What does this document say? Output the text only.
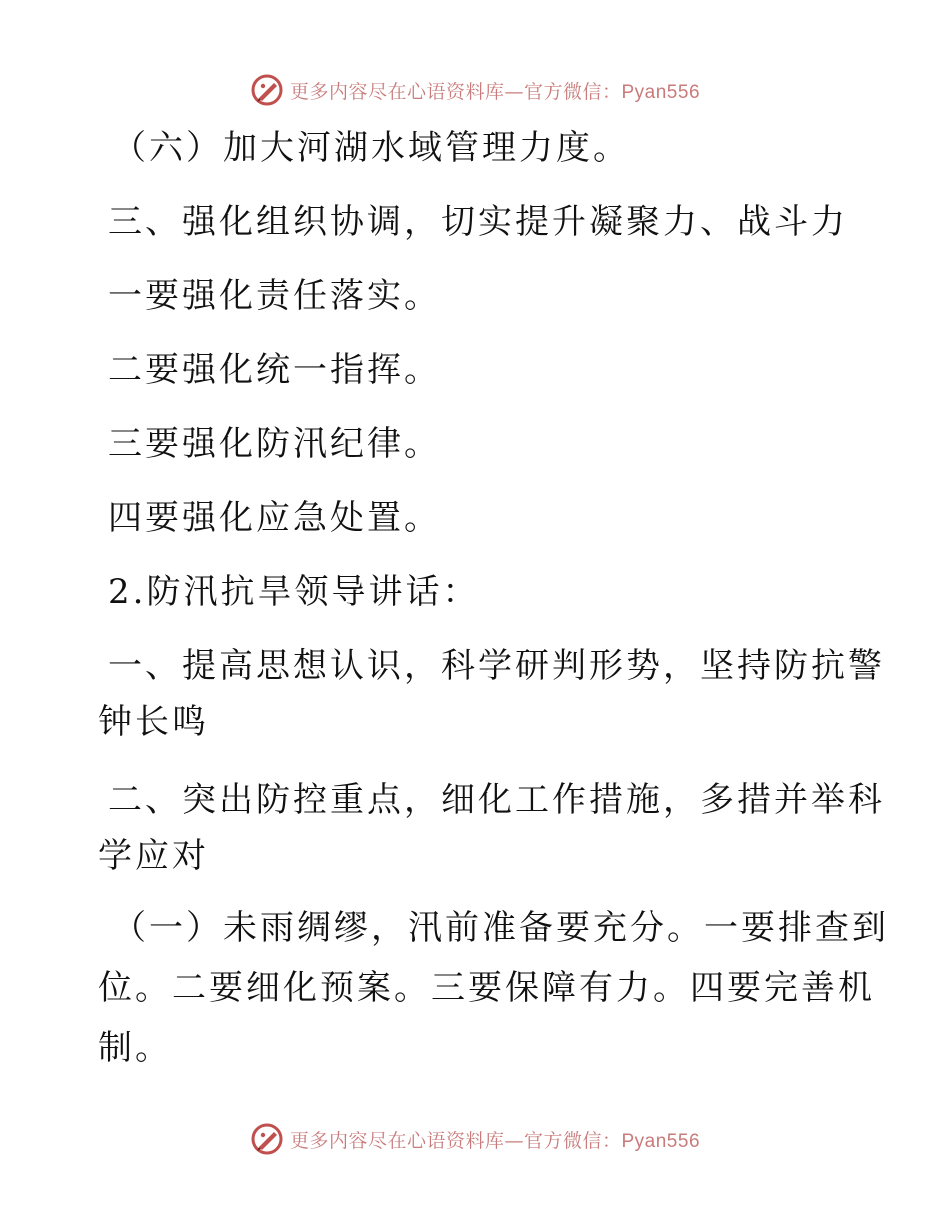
更多内容尽在心语资料库—官方微信：Pyan556
（六）加大河湖水域管理力度。
三、强化组织协调，切实提升凝聚力、战斗力
一要强化责任落实。
二要强化统一指挥。
三要强化防汛纪律。
四要强化应急处置。
2.防汛抗旱领导讲话：
一、提高思想认识，科学研判形势，坚持防抗警
钟长鸣
二、突出防控重点，细化工作措施，多措并举科
学应对
（一）未雨绸缪，汛前准备要充分。一要排查到
位。二要细化预案。三要保障有力。四要完善机
制。
更多内容尽在心语资料库—官方微信：Pyan556
